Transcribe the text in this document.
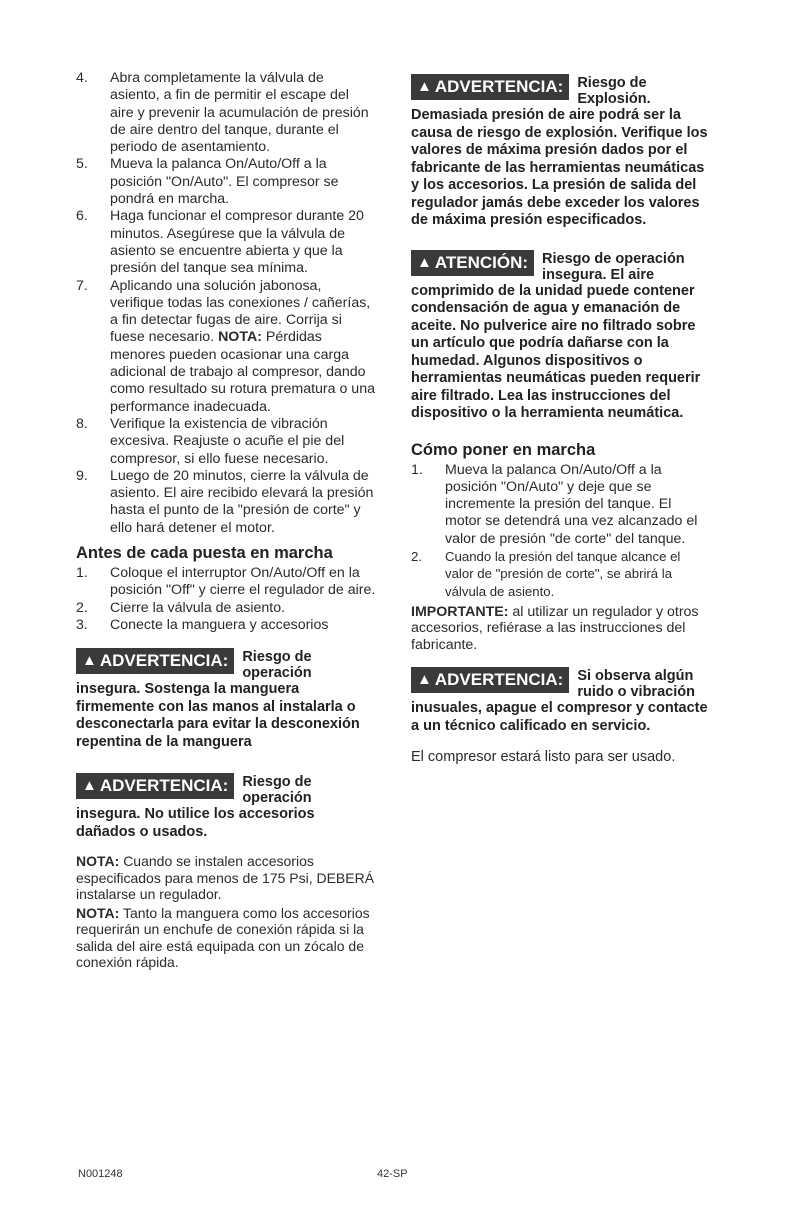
4. Abra completamente la válvula de asiento, a fin de permitir el escape del aire y prevenir la acumulación de presión de aire dentro del tanque, durante el periodo de asentamiento.
5. Mueva la palanca On/Auto/Off a la posición "On/Auto". El compresor se pondrá en marcha.
6. Haga funcionar el compresor durante 20 minutos. Asegúrese que la válvula de asiento se encuentre abierta y que la presión del tanque sea mínima.
7. Aplicando una solución jabonosa, verifique todas las conexiones / cañerías, a fin detectar fugas de aire. Corrija si fuese necesario. NOTA: Pérdidas menores pueden ocasionar una carga adicional de trabajo al compresor, dando como resultado su rotura prematura o una performance inadecuada.
8. Verifique la existencia de vibración excesiva. Reajuste o acuñe el pie del compresor, si ello fuese necesario.
9. Luego de 20 minutos, cierre la válvula de asiento. El aire recibido elevará la presión hasta el punto de la "presión de corte" y ello hará detener el motor.
Antes de cada puesta en marcha
1. Coloque el interruptor On/Auto/Off en la posición "Off" y cierre el regulador de aire.
2. Cierre la válvula de asiento.
3. Conecte la manguera y accesorios
▲ ADVERTENCIA: Riesgo de operación
insegura. Sostenga la manguera firmemente con las manos al instalarla o desconectarla para evitar la desconexión repentina de la manguera
▲ ADVERTENCIA: Riesgo de operación
insegura. No utilice los accesorios dañados o usados.

NOTA: Cuando se instalen accesorios especificados para menos de 175 Psi, DEBERÁ instalarse un regulador.

NOTA: Tanto la manguera como los accesorios requerirán un enchufe de conexión rápida si la salida del aire está equipada con un zócalo de conexión rápida.

▲ ADVERTENCIA: Riesgo de Explosión.
Demasiada presión de aire podrá ser la causa de riesgo de explosión. Verifique los valores de máxima presión dados por el fabricante de las herramientas neumáticas y los accesorios. La presión de salida del regulador jamás debe exceder los valores de máxima presión especificados.
▲ ATENCIÓN: Riesgo de operación insegura. El aire
comprimido de la unidad puede contener condensación de agua y emanación de aceite. No pulverice aire no filtrado sobre un artículo que podría dañarse con la humedad. Algunos dispositivos o herramientas neumáticas pueden requerir aire filtrado. Lea las instrucciones del dispositivo o la herramienta neumática.
Cómo poner en marcha
1. Mueva la palanca On/Auto/Off a la posición "On/Auto" y deje que se incremente la presión del tanque. El motor se detendrá una vez alcanzado el valor de presión "de corte" del tanque.
2. Cuando la presión del tanque alcance el valor de "presión de corte", se abrirá la válvula de asiento.

IMPORTANTE: al utilizar un regulador y otros accesorios, refiérase a las instrucciones del fabricante.

▲ ADVERTENCIA: Si observa algún ruido o vibración
inusuales, apague el compresor y contacte a un técnico calificado en servicio.

El compresor estará listo para ser usado.

N001248	42-SP
